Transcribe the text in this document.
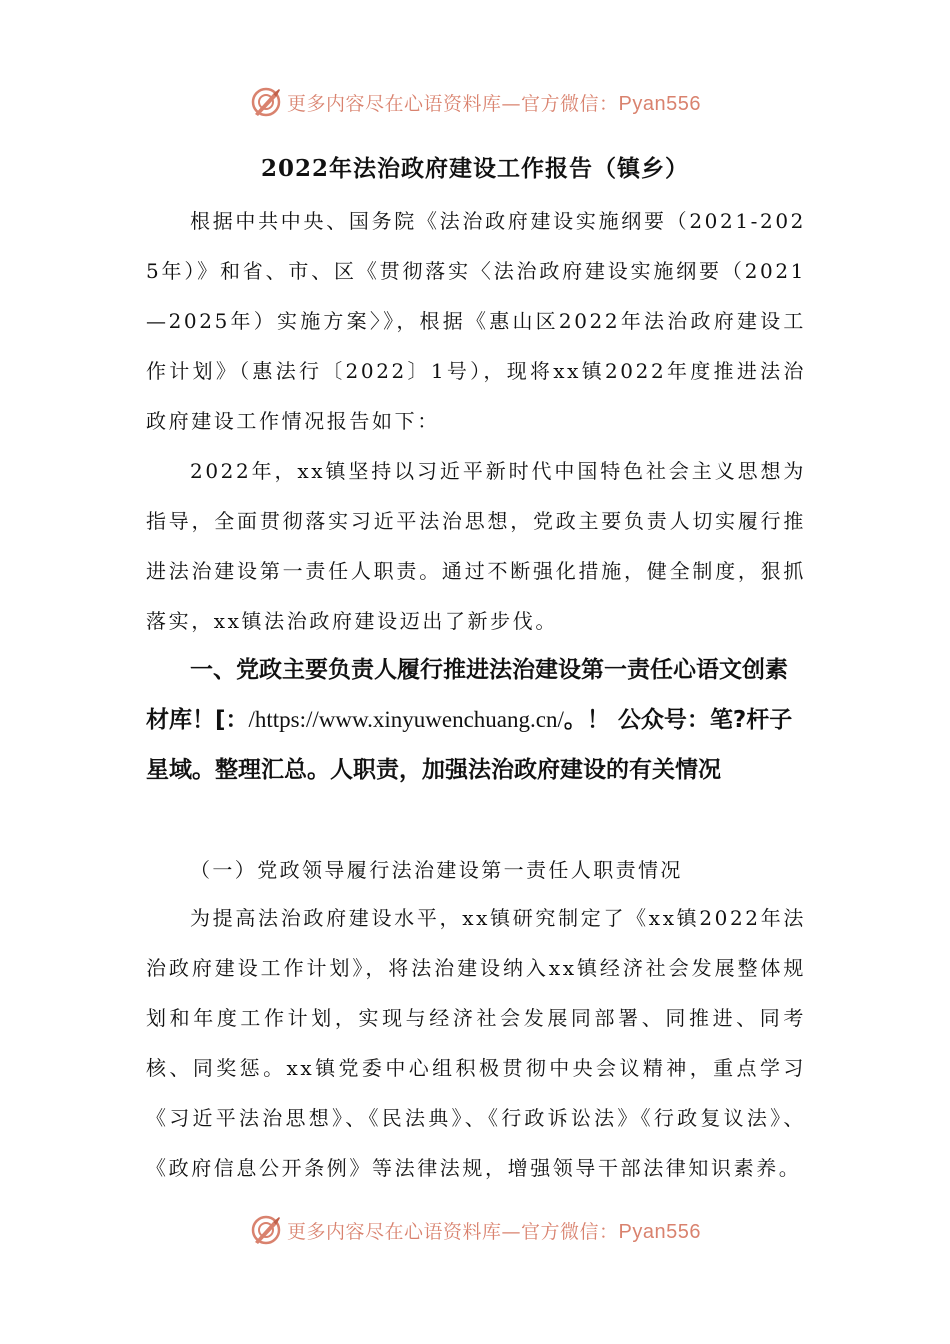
更多内容尽在心语资料库—官方微信：Pyan556
2022年法治政府建设工作报告（镇乡）

根据中共中央、国务院《法治政府建设实施纲要（2021-2025年）》和省、市、区《贯彻落实〈法治政府建设实施纲要（2021—2025年）实施方案〉》，根据《惠山区2022年法治政府建设工作计划》（惠法行〔2022〕1号），现将xx镇2022年度推进法治政府建设工作情况报告如下：

2022年，xx镇坚持以习近平新时代中国特色社会主义思想为指导，全面贯彻落实习近平法治思想，党政主要负责人切实履行推进法治建设第一责任人职责。通过不断强化措施，健全制度，狠抓落实，xx镇法治政府建设迈出了新步伐。

一、党政主要负责人履行推进法治建设第一责任心语文创素材库！[：/https://www.xinyuwenchuang.cn/。！ 公众号：笔?杆子星域。整理汇总。人职责，加强法治政府建设的有关情况

（一）党政领导履行法治建设第一责任人职责情况

为提高法治政府建设水平，xx镇研究制定了《xx镇2022年法治政府建设工作计划》，将法治建设纳入xx镇经济社会发展整体规划和年度工作计划，实现与经济社会发展同部署、同推进、同考核、同奖惩。xx镇党委中心组积极贯彻中央会议精神，重点学习《习近平法治思想》、《民法典》、《行政诉讼法》《行政复议法》、《政府信息公开条例》等法律法规，增强领导干部法律知识素养。

更多内容尽在心语资料库—官方微信：Pyan556
